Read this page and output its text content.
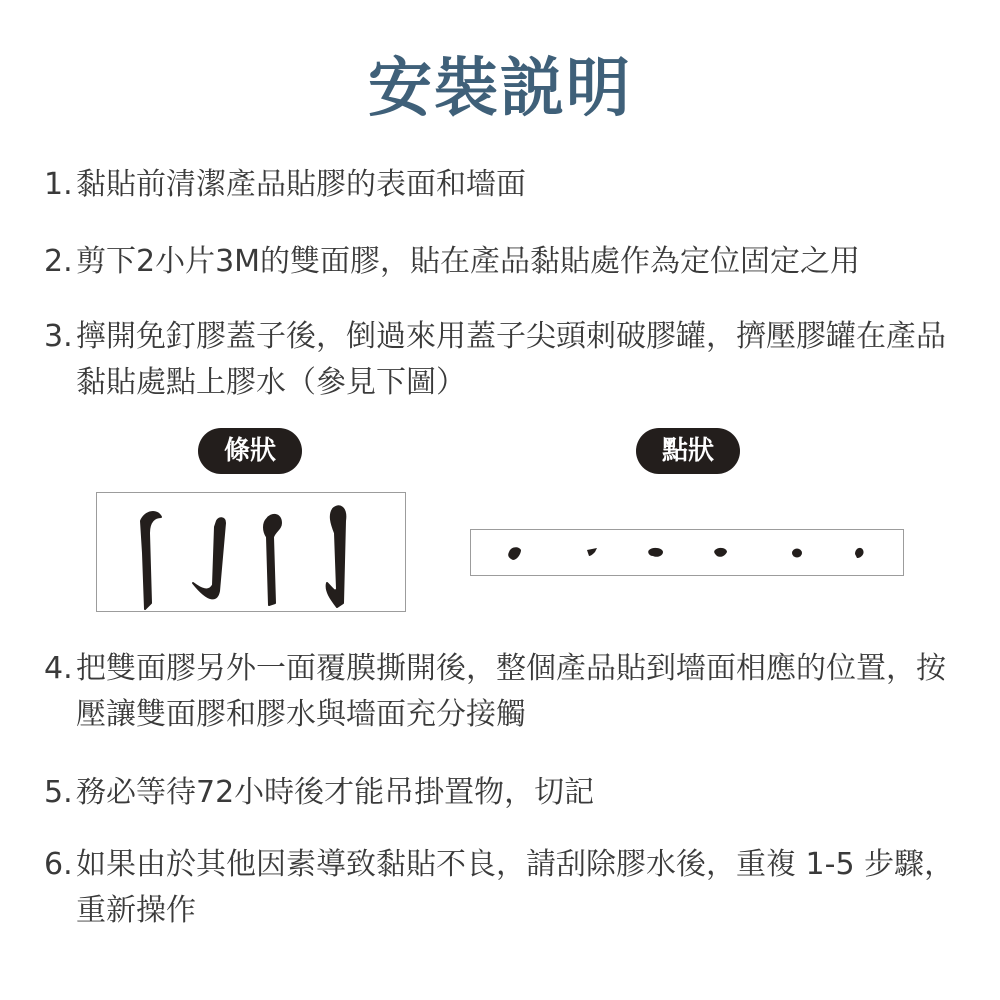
安裝説明
1. 黏貼前清潔產品貼膠的表面和墻面
2. 剪下2小片3M的雙面膠，貼在產品黏貼處作為定位固定之用
3. 擰開免釘膠蓋子後，倒過來用蓋子尖頭刺破膠罐，擠壓膠罐在產品黏貼處點上膠水（參見下圖）
條狀	點狀
4. 把雙面膠另外一面覆膜撕開後，整個產品貼到墻面相應的位置，按壓讓雙面膠和膠水與墻面充分接觸
5. 務必等待72小時後才能吊掛置物，切記
6. 如果由於其他因素導致黏貼不良，請刮除膠水後，重複 1-5 步驟，重新操作
